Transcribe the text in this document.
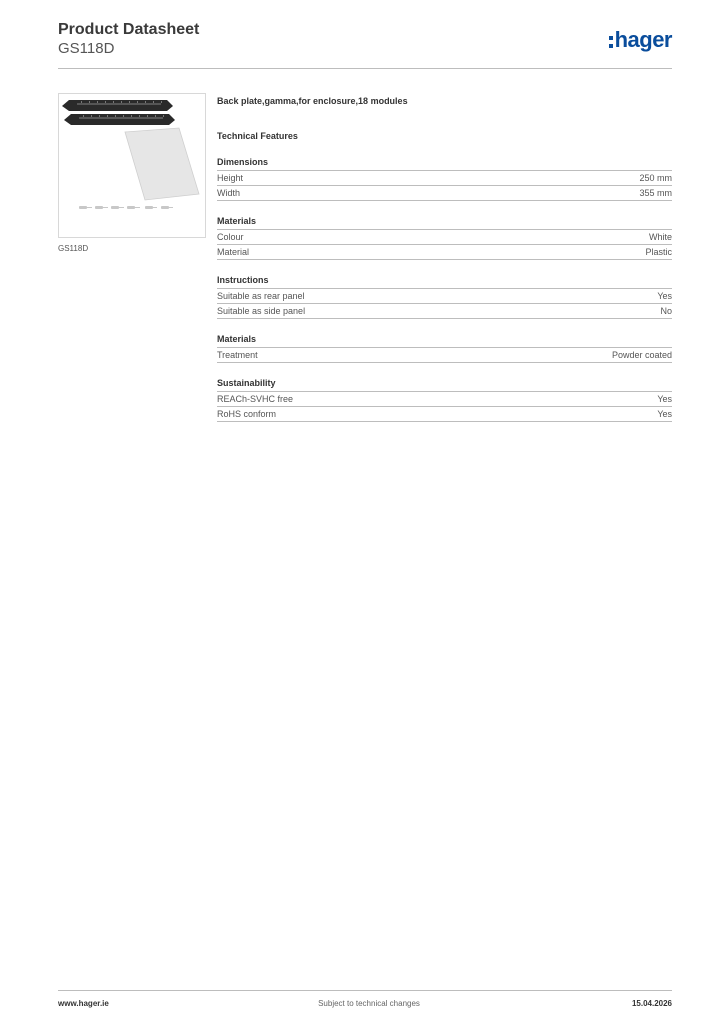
Product Datasheet
GS118D	hager
GS118D
Back plate,gamma,for enclosure,18 modules
Technical Features
Dimensions
Height	250 mm
Width	355 mm
Materials
Colour	White
Material	Plastic
Instructions
Suitable as rear panel	Yes
Suitable as side panel	No
Materials
Treatment	Powder coated
Sustainability
REACh-SVHC free	Yes
RoHS conform	Yes
www.hager.ie	Subject to technical changes	15.04.2026
